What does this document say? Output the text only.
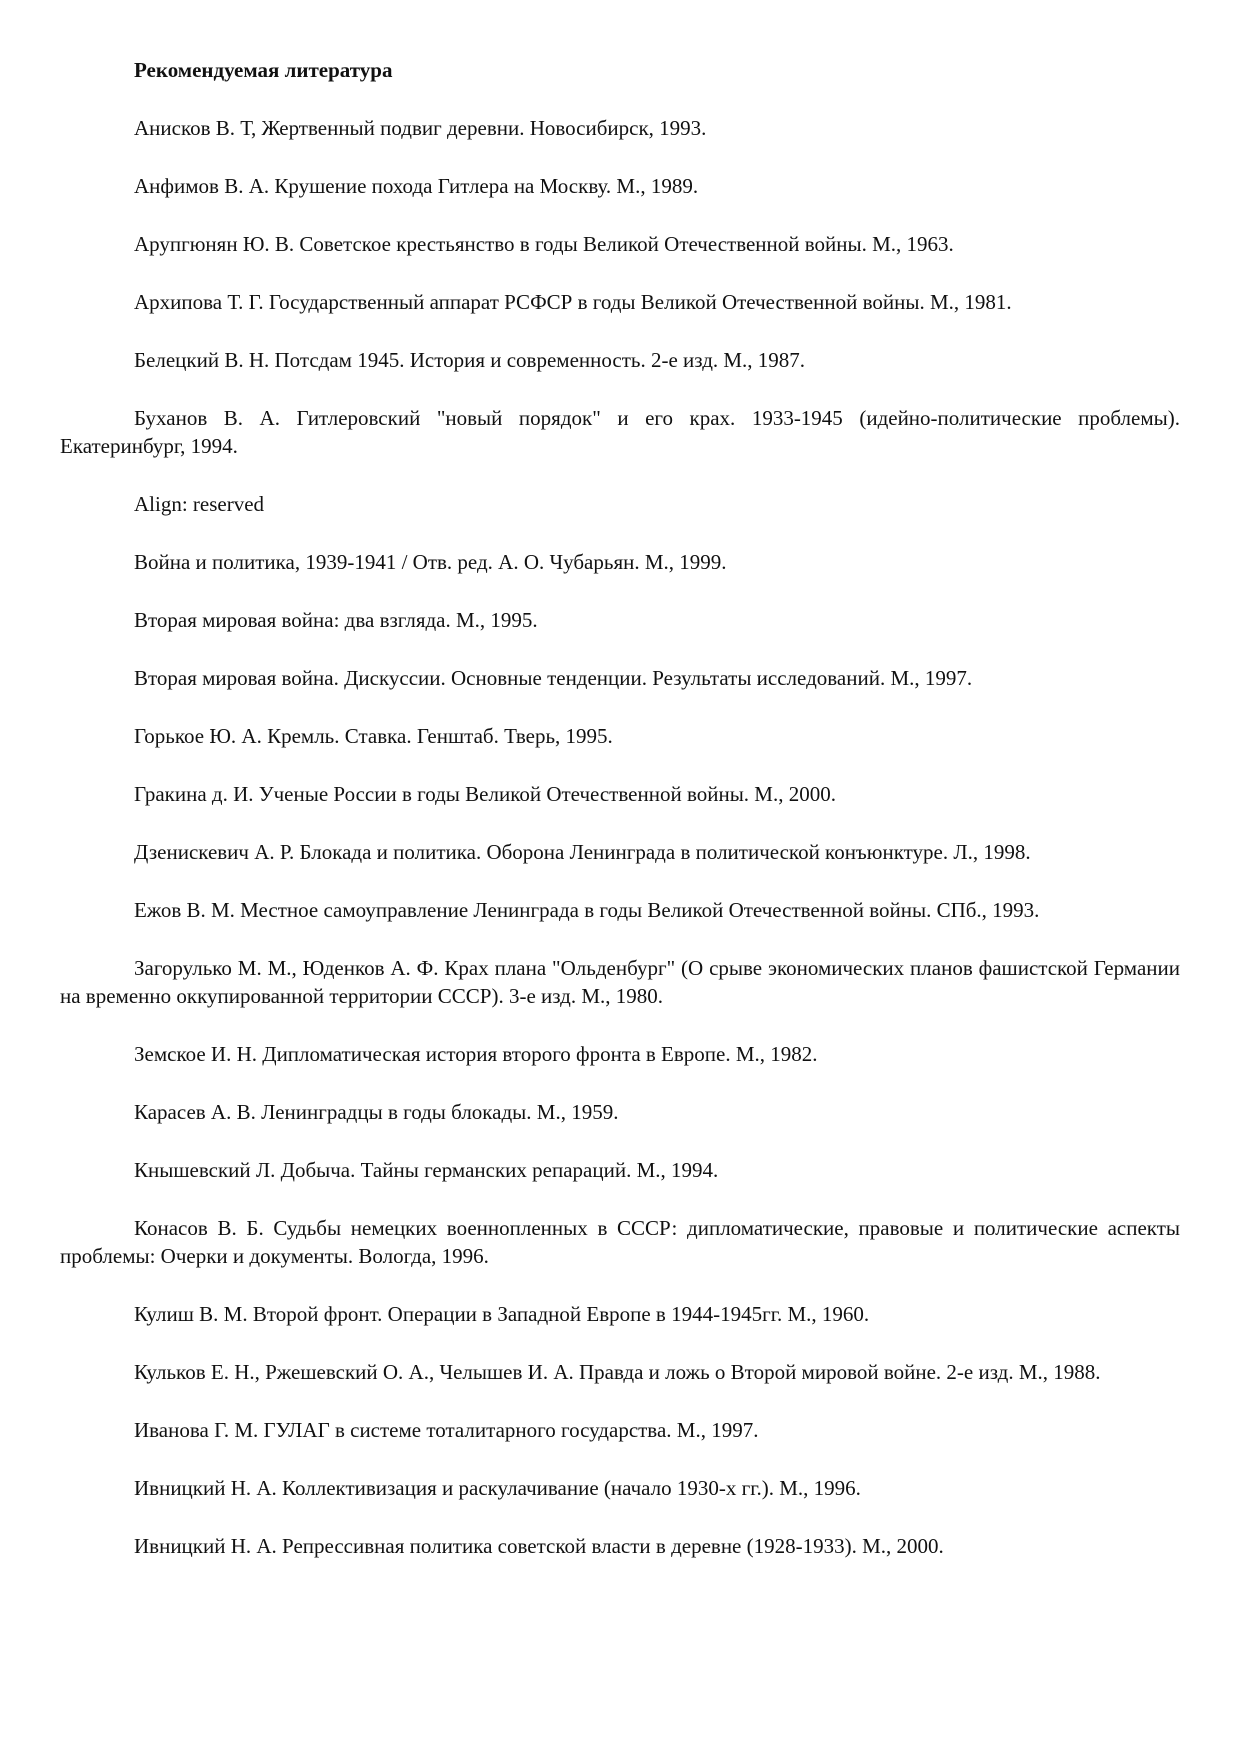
Рекомендуемая литература
Анисков В. Т, Жертвенный подвиг деревни. Новосибирск, 1993.
Анфимов В. А. Крушение похода Гитлера на Москву. М., 1989.
Арупгюнян Ю. В. Советское крестьянство в годы Великой Отечественной войны. М., 1963.
Архипова Т. Г. Государственный аппарат РСФСР в годы Великой Отечественной войны. М., 1981.
Белецкий В. Н. Потсдам 1945. История и современность. 2-е изд. М., 1987.
Буханов В. А. Гитлеровский "новый порядок" и его крах. 1933-1945 (идейно-политические проблемы). Екатеринбург, 1994.
Align: reserved
Война и политика, 1939-1941 / Отв. ред. А. О. Чубарьян. М., 1999.
Вторая мировая война: два взгляда. М., 1995.
Вторая мировая война. Дискуссии. Основные тенденции. Результаты исследований. М., 1997.
Горькое Ю. А. Кремль. Ставка. Генштаб. Тверь, 1995.
Гракина д. И. Ученые России в годы Великой Отечественной войны. М., 2000.
Дзенискевич А. Р. Блокада и политика. Оборона Ленинграда в политической конъюнктуре. Л., 1998.
Ежов В. М. Местное самоуправление Ленинграда в годы Великой Отечественной войны. СПб., 1993.
Загорулько М. М., Юденков А. Ф. Крах плана "Ольденбург" (О срыве экономических планов фашистской Германии на временно оккупированной территории СССР). 3-е изд. М., 1980.
Земское И. Н. Дипломатическая история второго фронта в Европе. М., 1982.
Карасев А. В. Ленинградцы в годы блокады. М., 1959.
Кнышевский Л. Добыча. Тайны германских репараций. М., 1994.
Конасов В. Б. Судьбы немецких военнопленных в СССР: дипломатические, правовые и политические аспекты проблемы: Очерки и документы. Вологда, 1996.
Кулиш В. М. Второй фронт. Операции в Западной Европе в 1944-1945гг. М., 1960.
Кульков Е. Н., Ржешевский О. А., Челышев И. А. Правда и ложь о Второй мировой войне. 2-е изд. М., 1988.
Иванова Г. М. ГУЛАГ в системе тоталитарного государства. М., 1997.
Ивницкий Н. А. Коллективизация и раскулачивание (начало 1930-х гг.). М., 1996.
Ивницкий Н. А. Репрессивная политика советской власти в деревне (1928-1933). М., 2000.
